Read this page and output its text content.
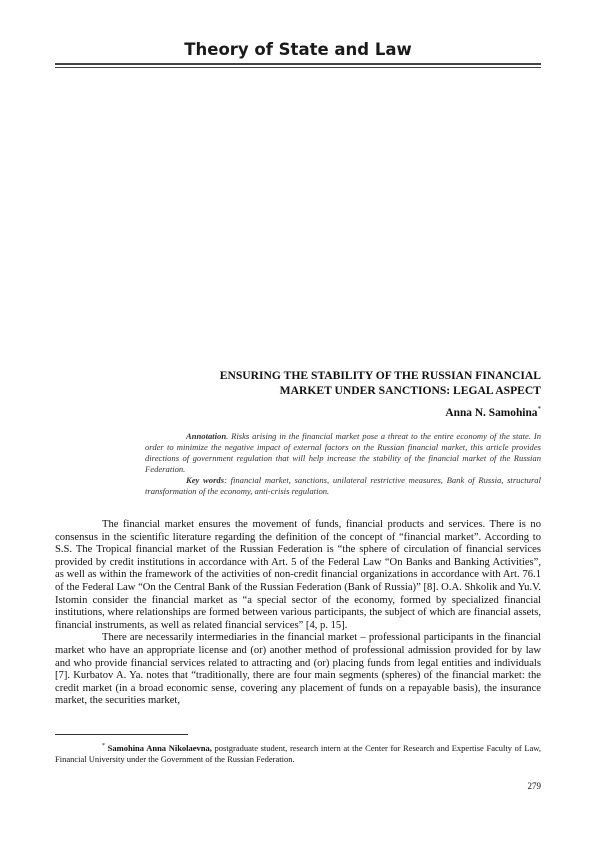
Theory of State and Law
ENSURING THE STABILITY OF THE RUSSIAN FINANCIAL
MARKET UNDER SANCTIONS: LEGAL ASPECT
Anna N. Samohina*

Annotation. Risks arising in the financial market pose a threat to the entire economy of the state. In order to minimize the negative impact of external factors on the Russian financial market, this article provides directions of government regulation that will help increase the stability of the financial market of the Russian Federation.

Key words: financial market, sanctions, unilateral restrictive measures, Bank of Russia, structural transformation of the economy, anti-crisis regulation.

The financial market ensures the movement of funds, financial products and services. There is no consensus in the scientific literature regarding the definition of the concept of “financial market”. According to S.S. The Tropical financial market of the Russian Federation is “the sphere of circulation of financial services provided by credit institutions in accordance with Art. 5 of the Federal Law “On Banks and Banking Activities”, as well as within the framework of the activities of non-credit financial organizations in accordance with Art. 76.1 of the Federal Law “On the Central Bank of the Russian Federation (Bank of Russia)” [8]. O.A. Shkolik and Yu.V. Istomin consider the financial market as “a special sector of the economy, formed by specialized financial institutions, where relationships are formed between various participants, the subject of which are financial assets, financial instruments, as well as related financial services” [4, p. 15].

There are necessarily intermediaries in the financial market – professional participants in the financial market who have an appropriate license and (or) another method of professional admission provided for by law and who provide financial services related to attracting and (or) placing funds from legal entities and individuals [7]. Kurbatov A. Ya. notes that “traditionally, there are four main segments (spheres) of the financial market: the credit market (in a broad economic sense, covering any placement of funds on a repayable basis), the insurance market, the securities market,

* Samohina Anna Nikolaevna, postgraduate student, research intern at the Center for Research and Expertise Faculty of Law, Financial University under the Government of the Russian Federation.

279
